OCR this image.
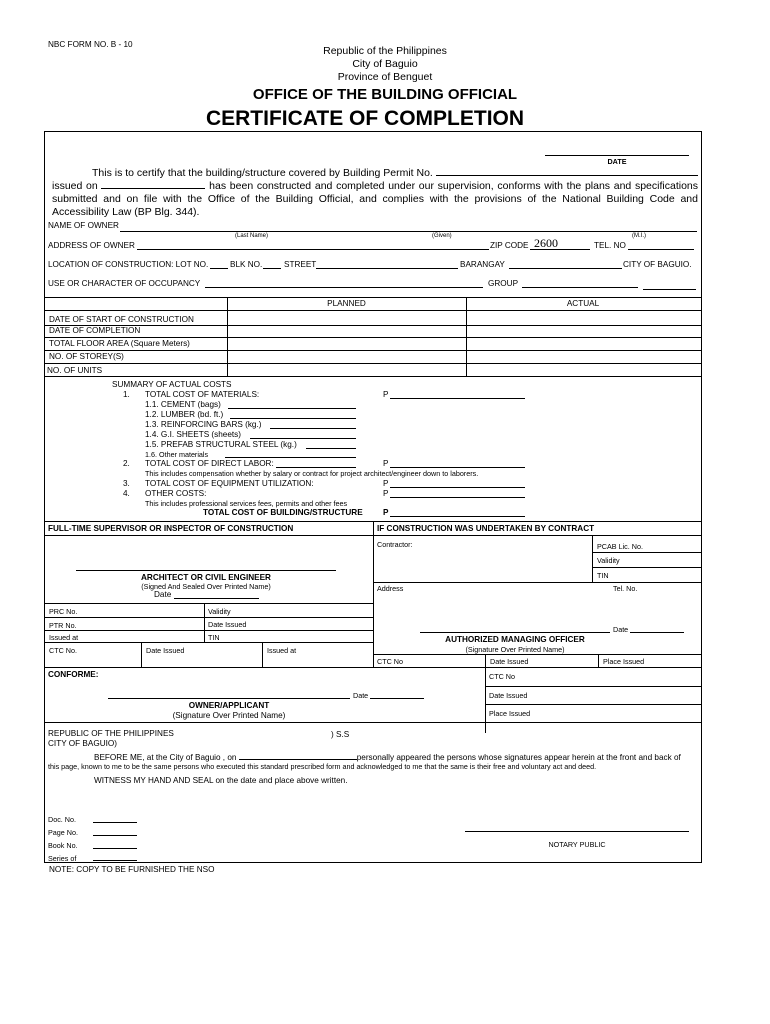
NBC FORM NO. B - 10
Republic of the Philippines
City of Baguio
Province of Benguet
OFFICE OF THE BUILDING OFFICIAL
CERTIFICATE OF COMPLETION
DATE
This is to certify that the building/structure covered by Building Permit No.
issued on	has been constructed and completed under our supervision, conforms with the plans and specifications submitted and on file with the Office of the Building Official, and complies with the provisions of the National Building Code and Accessibility Law (BP Blg. 344).
NAME OF OWNER
(Last Name)	(Given)	(M.I.)
ADDRESS OF OWNER	ZIP CODE 2600	TEL. NO
LOCATION OF CONSTRUCTION: LOT NO.	BLK NO.	STREET	BARANGAY	CITY OF BAGUIO.
USE OR CHARACTER OF OCCUPANCY	GROUP
PLANNED	ACTUAL
DATE OF START OF CONSTRUCTION
DATE OF COMPLETION
TOTAL FLOOR AREA (Square Meters)
NO. OF STOREY(S)
NO. OF UNITS
SUMMARY OF ACTUAL COSTS
1. TOTAL COST OF MATERIALS:	P
1.1. CEMENT (bags)
1.2. LUMBER (bd. ft.)
1.3. REINFORCING BARS (kg.)
1.4. G.I. SHEETS (sheets)
1.5. PREFAB STRUCTURAL STEEL (kg.)
1.6. Other materials
2. TOTAL COST OF DIRECT LABOR:	P
This includes compensation whether by salary or contract for project architect/engineer down to laborers.
3. TOTAL COST OF EQUIPMENT UTILIZATION:	P
4. OTHER COSTS:	P
This includes professional services fees, permits and other fees
TOTAL COST OF BUILDING/STRUCTURE P
FULL-TIME SUPERVISOR OR INSPECTOR OF CONSTRUCTION	IF CONSTRUCTION WAS UNDERTAKEN BY CONTRACT
ARCHITECT OR CIVIL ENGINEER
(Signed And Sealed Over Printed Name)
Date
PRC No.	Validity
PTR No.	Date Issued
Issued at	TIN
CTC No.	Date Issued	Issued at
Contractor:	PCAB Lic. No.
Validity
TIN
Address	Tel. No.
Date
AUTHORIZED MANAGING OFFICER
(Signature Over Printed Name)
CTC No	Date Issued	Place Issued
CONFORME:	CTC No
Date Issued
Place Issued
Date
OWNER/APPLICANT
(Signature Over Printed Name)
REPUBLIC OF THE PHILIPPINES	) S.S
CITY OF BAGUIO)
BEFORE ME, at the City of Baguio , on	personally appeared the persons whose signatures appear herein at the front and back of
this page, known to me to be the same persons who executed this standard prescribed form and acknowledged to me that the same is their free and voluntary act and deed.
WITNESS MY HAND AND SEAL on the date and place above written.
Doc. No.
Page No.
Book No.
Series of
NOTARY PUBLIC
NOTE: COPY TO BE FURNISHED THE NSO
